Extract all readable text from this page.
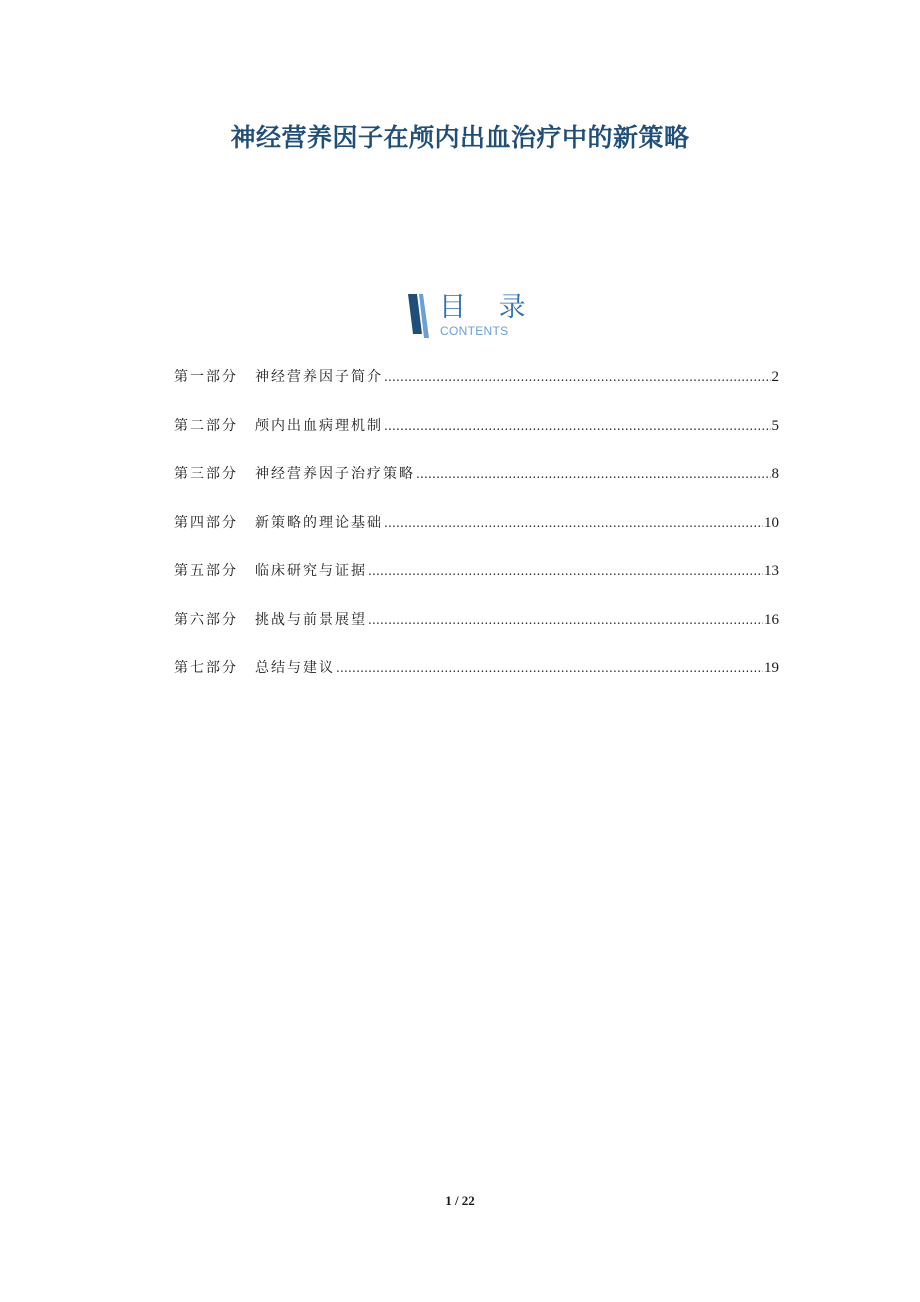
神经营养因子在颅内出血治疗中的新策略
目 录
CONTENTS
第一部分	神经营养因子简介 .....	2
第二部分	颅内出血病理机制 .....	5
第三部分	神经营养因子治疗策略 .....	8
第四部分	新策略的理论基础 .....	10
第五部分	临床研究与证据 .....	13
第六部分	挑战与前景展望 .....	16
第七部分	总结与建议 .....	19
1 / 22
